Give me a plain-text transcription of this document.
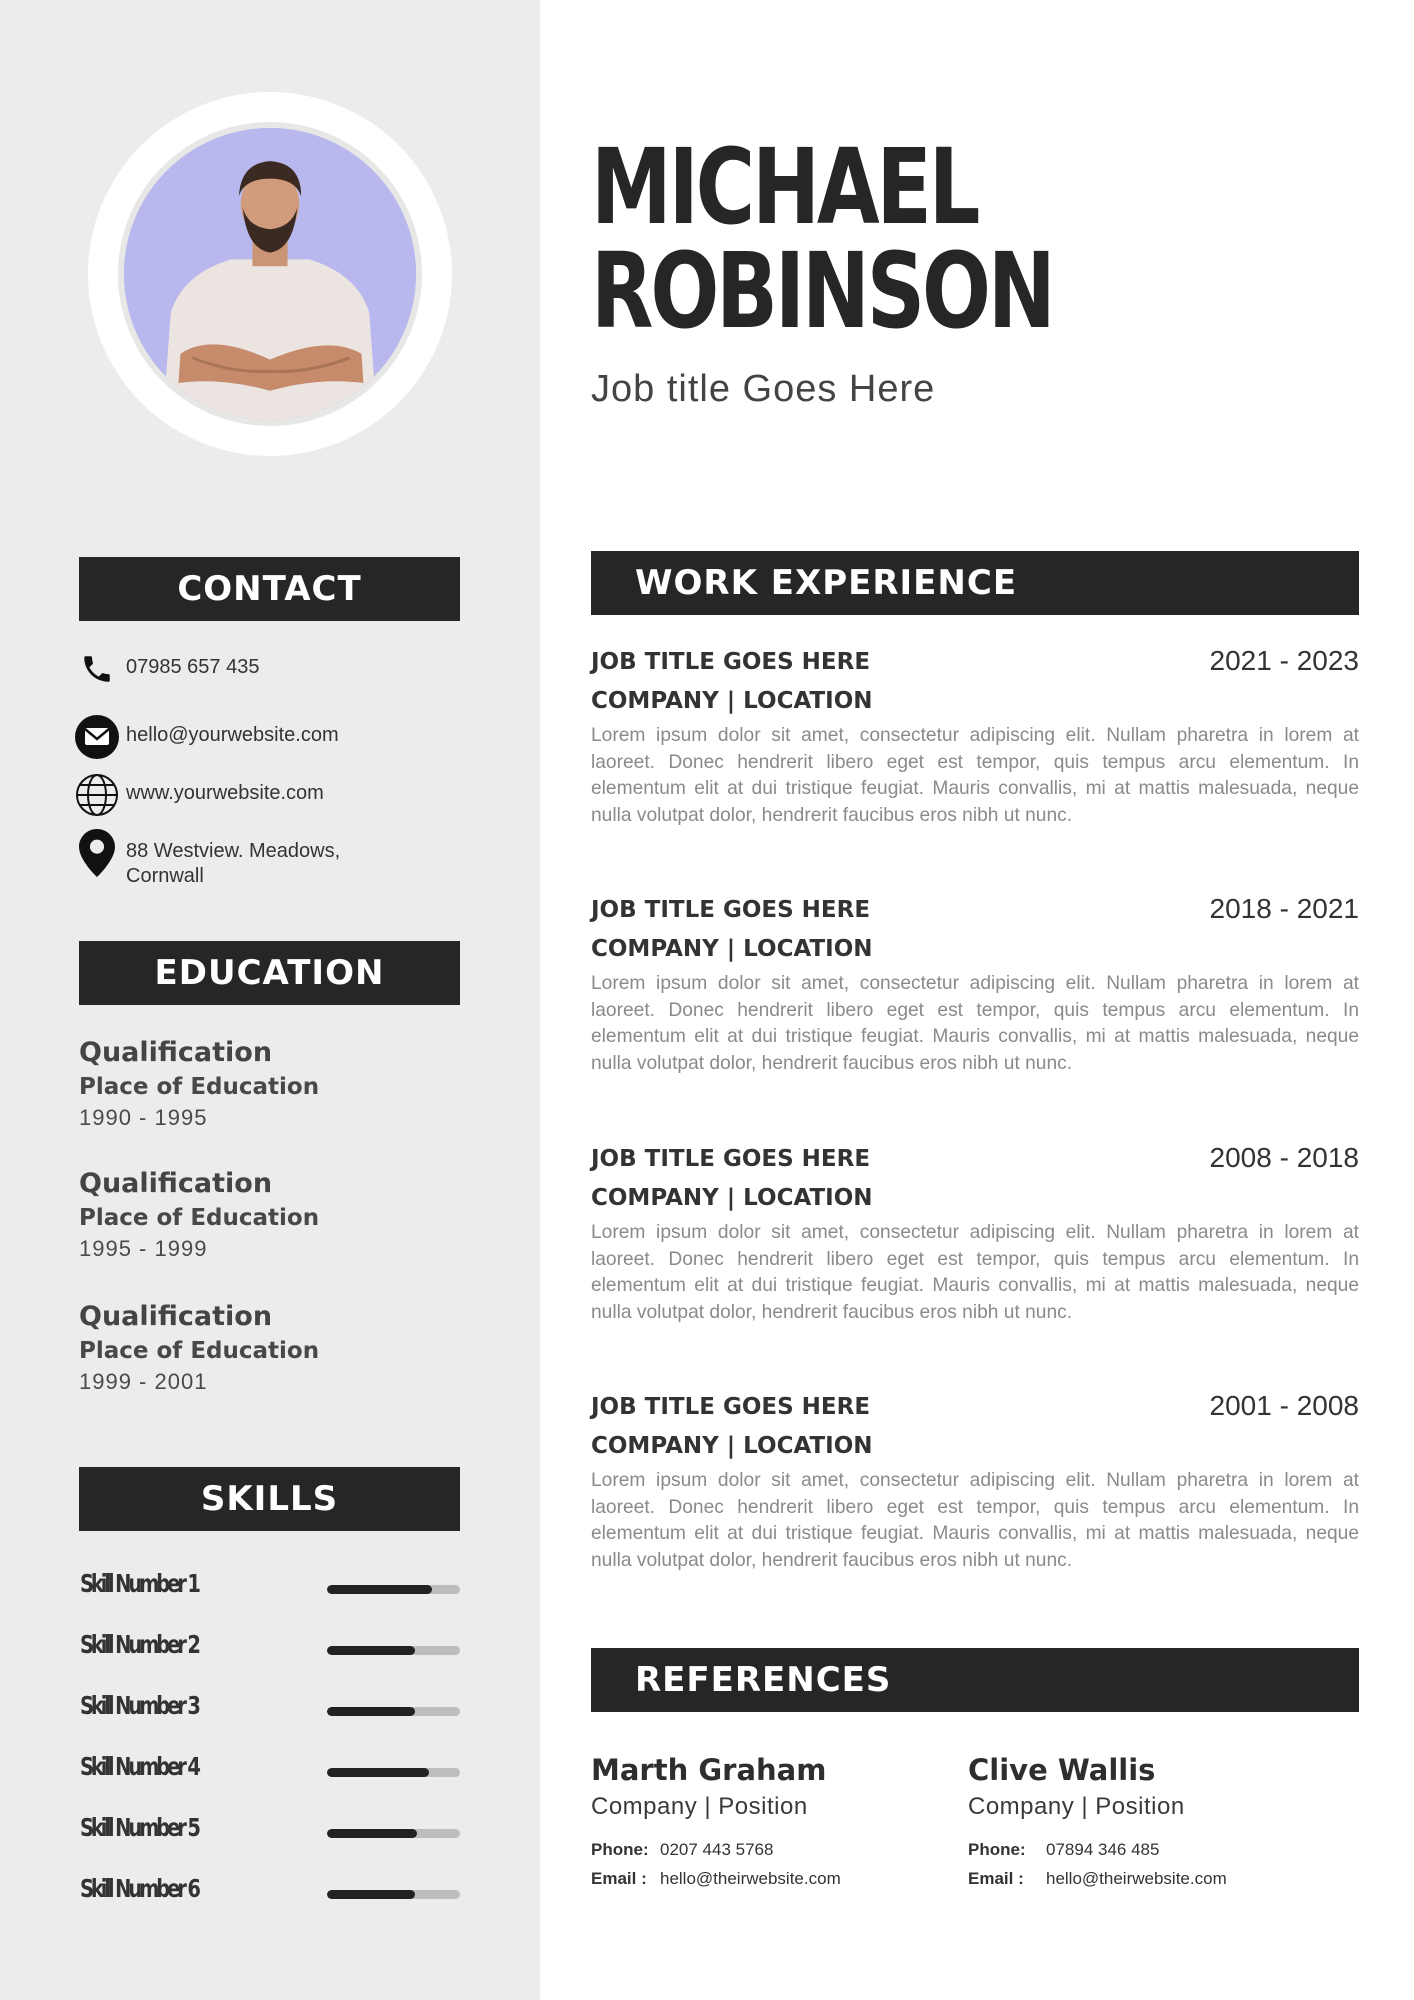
CONTACT
07985 657 435
hello@yourwebsite.com
www.yourwebsite.com
88 Westview. Meadows, Cornwall
EDUCATION
Qualification
Place of Education
1990 - 1995
Qualification
Place of Education
1995 - 1999
Qualification
Place of Education
1999 - 2001
SKILLS
Skill Number 1
Skill Number 2
Skill Number 3
Skill Number 4
Skill Number 5
Skill Number 6
MICHAEL
ROBINSON
Job title Goes Here
WORK EXPERIENCE
JOB TITLE GOES HERE	2021 - 2023
COMPANY | LOCATION
Lorem ipsum dolor sit amet, consectetur adipiscing elit. Nullam pharetra in lorem at laoreet. Donec hendrerit libero eget est tempor, quis tempus arcu elementum. In elementum elit at dui tristique feugiat. Mauris convallis, mi at mattis malesuada, neque nulla volutpat dolor, hendrerit faucibus eros nibh ut nunc.
JOB TITLE GOES HERE	2018 - 2021
COMPANY | LOCATION
Lorem ipsum dolor sit amet, consectetur adipiscing elit. Nullam pharetra in lorem at laoreet. Donec hendrerit libero eget est tempor, quis tempus arcu elementum. In elementum elit at dui tristique feugiat. Mauris convallis, mi at mattis malesuada, neque nulla volutpat dolor, hendrerit faucibus eros nibh ut nunc.
JOB TITLE GOES HERE	2008 - 2018
COMPANY | LOCATION
Lorem ipsum dolor sit amet, consectetur adipiscing elit. Nullam pharetra in lorem at laoreet. Donec hendrerit libero eget est tempor, quis tempus arcu elementum. In elementum elit at dui tristique feugiat. Mauris convallis, mi at mattis malesuada, neque nulla volutpat dolor, hendrerit faucibus eros nibh ut nunc.
JOB TITLE GOES HERE	2001 - 2008
COMPANY | LOCATION
Lorem ipsum dolor sit amet, consectetur adipiscing elit. Nullam pharetra in lorem at laoreet. Donec hendrerit libero eget est tempor, quis tempus arcu elementum. In elementum elit at dui tristique feugiat. Mauris convallis, mi at mattis malesuada, neque nulla volutpat dolor, hendrerit faucibus eros nibh ut nunc.
REFERENCES
Marth Graham
Company | Position
Phone: 0207 443 5768
Email : hello@theirwebsite.com
Clive Wallis
Company | Position
Phone:	07894 346 485
Email :	hello@theirwebsite.com
